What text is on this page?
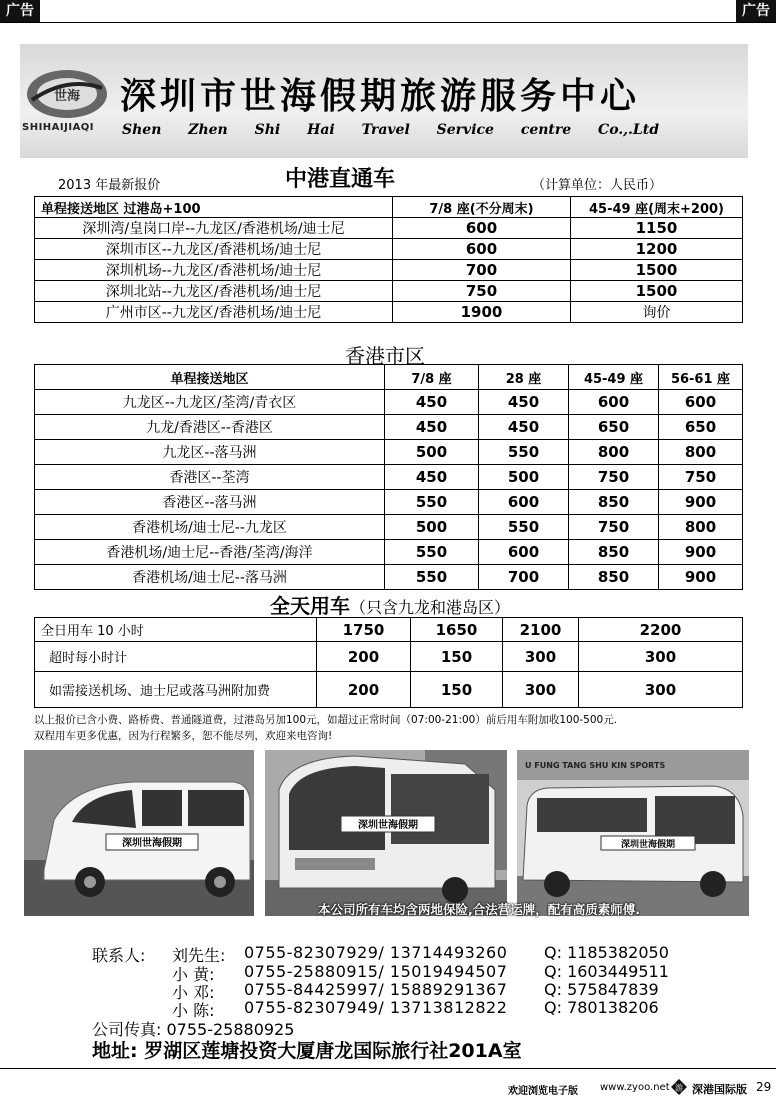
广告	广告
世海
SHIHAIJIAQI
深圳市世海假期旅游服务中心
Shen Zhen Shi Hai Travel Service centre Co.,.Ltd
2013 年最新报价	中港直通车	（计算单位：人民币）
单程接送地区 过港岛+100	7/8 座(不分周末)	45-49 座(周末+200)
深圳湾/皇岗口岸--九龙区/香港机场/迪士尼	600	1150
深圳市区--九龙区/香港机场/迪士尼	600	1200
深圳机场--九龙区/香港机场/迪士尼	700	1500
深圳北站--九龙区/香港机场/迪士尼	750	1500
广州市区--九龙区/香港机场/迪士尼	1900	询价
香港市区
单程接送地区	7/8 座	28 座	45-49 座	56-61 座
九龙区--九龙区/荃湾/青衣区	450	450	600	600
九龙/香港区--香港区	450	450	650	650
九龙区--落马洲	500	550	800	800
香港区--荃湾	450	500	750	750
香港区--落马洲	550	600	850	900
香港机场/迪士尼--九龙区	500	550	750	800
香港机场/迪士尼--香港/荃湾/海洋	550	600	850	900
香港机场/迪士尼--落马洲	550	700	850	900
全天用车（只含九龙和港岛区）
全日用车 10 小时	1750	1650	2100	2200
超时每小时计	200	150	300	300
如需接送机场、迪士尼或落马洲附加费	200	150	300	300
以上报价已含小费、路桥费、普通隧道费，过港岛另加100元，如超过正常时间（07:00-21:00）前后用车附加收100-500元.
双程用车更多优惠，因为行程繁多，恕不能尽列，欢迎来电咨询!
深圳世海假期
深圳世海假期
U FUNG TANG SHU KIN SPORTS
深圳世海假期
本公司所有车均含两地保险,合法营运牌，配有高质素师傅.
联系人: 刘先生: 0755-82307929/ 13714493260 Q: 1185382050
小 黄: 0755-25880915/ 15019494507 Q: 1603449511
小 邓: 0755-84425997/ 15889291367 Q: 575847839
小 陈: 0755-82307949/ 13713812822 Q: 780138206
公司传真: 0755-25880925
地址: 罗湖区莲塘投资大厦唐龙国际旅行社201A室
欢迎浏览电子版 www.zyoo.net 游 深港国际版 29
